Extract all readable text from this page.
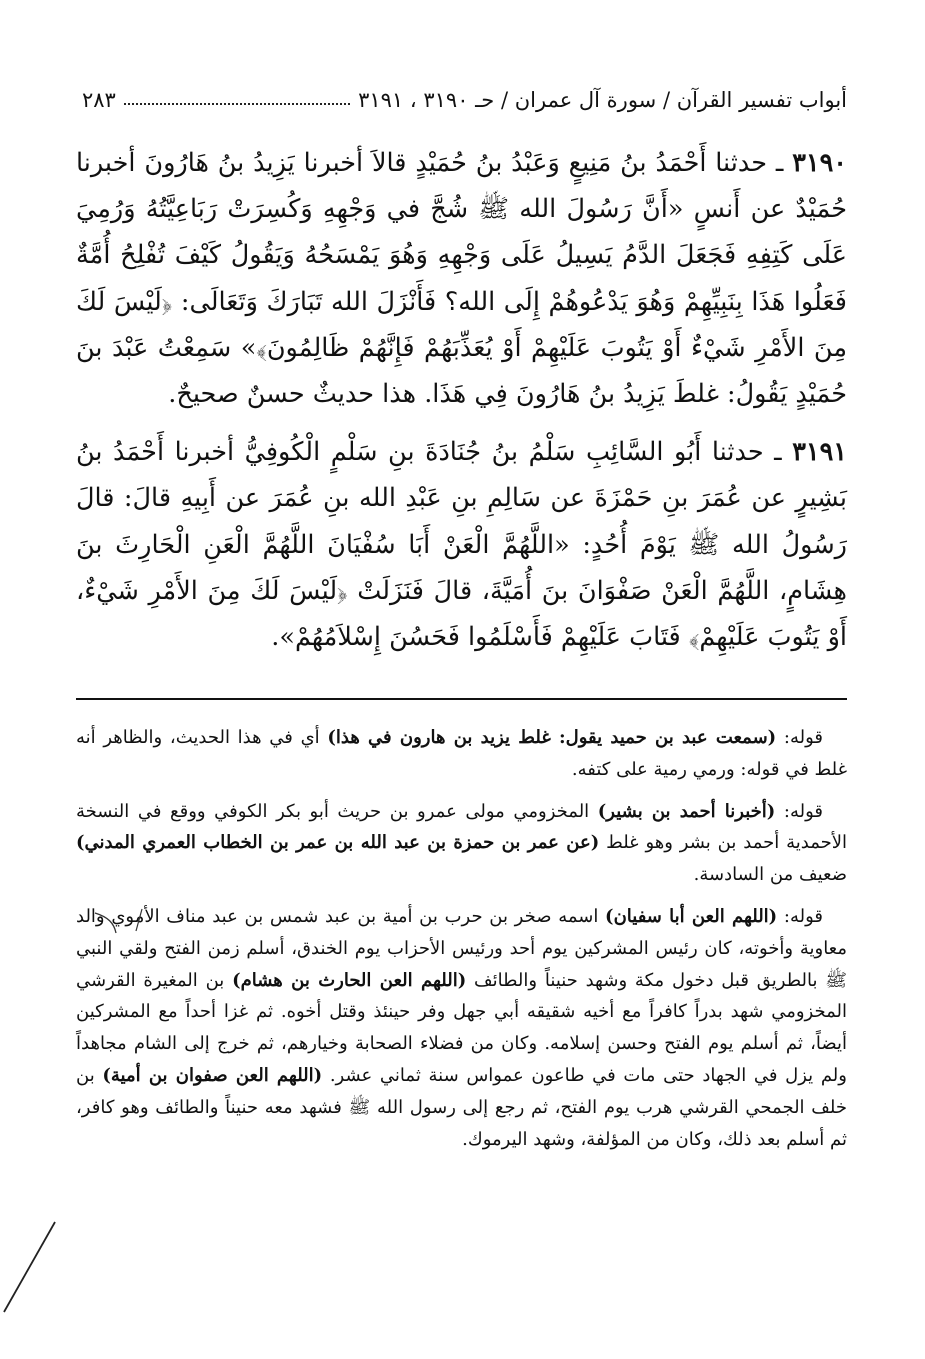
أبواب تفسير القرآن / سورة آل عمران / حـ ٣١٩٠ ، ٣١٩١
٢٨٣

٣١٩٠ ـ حدثنا أَحْمَدُ بنُ مَنِيعٍ وَعَبْدُ بنُ حُمَيْدٍ قالاَ أخبرنا يَزِيدُ بنُ هَارُونَ أخبرنا حُمَيْدٌ عن أَنسٍ «أَنَّ رَسُولَ الله ﷺ شُجَّ في وَجْهِهِ وَكُسِرَتْ رَبَاعِيَّتُهُ وَرُمِيَ عَلَى كَتِفِهِ فَجَعَلَ الدَّمُ يَسِيلُ عَلَى وَجْهِهِ وَهُوَ يَمْسَحُهُ وَيَقُولُ كَيْفَ تُفْلِحُ أُمَّةٌ فَعَلُوا هَذَا بِنَبِيِّهِمْ وَهُوَ يَدْعُوهُمْ إِلَى الله؟ فَأَنْزَلَ الله تَبَارَكَ وَتَعَالَى: ﴿لَيْسَ لَكَ مِنَ الأَمْرِ شَيْءٌ أَوْ يَتُوبَ عَلَيْهِمْ أَوْ يُعَذِّبَهُمْ فَإِنَّهُمْ ظَالِمُونَ﴾» سَمِعْتُ عَبْدَ بنَ حُمَيْدٍ يَقُولُ: غلطَ يَزِيدُ بنُ هَارُونَ فِي هَذَا. هذا حديثٌ حسنٌ صحيحٌ.

٣١٩١ ـ حدثنا أَبُو السَّائِبِ سَلْمُ بنُ جُنَادَةَ بنِ سَلْمٍ الْكُوفِيُّ أخبرنا أَحْمَدُ بنُ بَشِيرٍ عن عُمَرَ بنِ حَمْزَةَ عن سَالِمِ بنِ عَبْدِ الله بنِ عُمَرَ عن أَبِيهِ قالَ: قالَ رَسُولُ الله ﷺ يَوْمَ أُحُدٍ: «اللَّهُمَّ الْعَنْ أَبَا سُفْيَانَ اللَّهُمَّ الْعَنِ الْحَارِثَ بنَ هِشَامٍ، اللَّهُمَّ الْعَنْ صَفْوَانَ بنَ أُمَيَّةَ، قالَ فَنَزَلَتْ ﴿لَيْسَ لَكَ مِنَ الأَمْرِ شَيْءٌ، أَوْ يَتُوبَ عَلَيْهِمْ﴾ فَتَابَ عَلَيْهِمْ فَأَسْلَمُوا فَحَسُنَ إِسْلاَمُهُمْ».

قوله: (سمعت عبد بن حميد يقول: غلط يزيد بن هارون في هذا) أي في هذا الحديث، والظاهر أنه غلط في قوله: ورمي رمية على كتفه.

قوله: (أخبرنا أحمد بن بشير) المخزومي مولى عمرو بن حريث أبو بكر الكوفي ووقع في النسخة الأحمدية أحمد بن بشر وهو غلط (عن عمر بن حمزة بن عبد الله بن عمر بن الخطاب العمري المدني) ضعيف من السادسة.

قوله: (اللهم العن أبا سفيان) اسمه صخر بن حرب بن أمية بن عبد شمس بن عبد مناف الأموي والد معاوية وأخوته، كان رئيس المشركين يوم أحد ورئيس الأحزاب يوم الخندق، أسلم زمن الفتح ولقي النبي ﷺ بالطريق قبل دخول مكة وشهد حنيناً والطائف (اللهم العن الحارث بن هشام) بن المغيرة القرشي المخزومي شهد بدراً كافراً مع أخيه شقيقه أبي جهل وفر حينئذ وقتل أخوه. ثم غزا أحداً مع المشركين أيضاً، ثم أسلم يوم الفتح وحسن إسلامه. وكان من فضلاء الصحابة وخيارهم، ثم خرج إلى الشام مجاهداً ولم يزل في الجهاد حتى مات في طاعون عمواس سنة ثماني عشر. (اللهم العن صفوان بن أمية) بن خلف الجمحي القرشي هرب يوم الفتح، ثم رجع إلى رسول الله ﷺ فشهد معه حنيناً والطائف وهو كافر، ثم أسلم بعد ذلك، وكان من المؤلفة، وشهد اليرموك.
